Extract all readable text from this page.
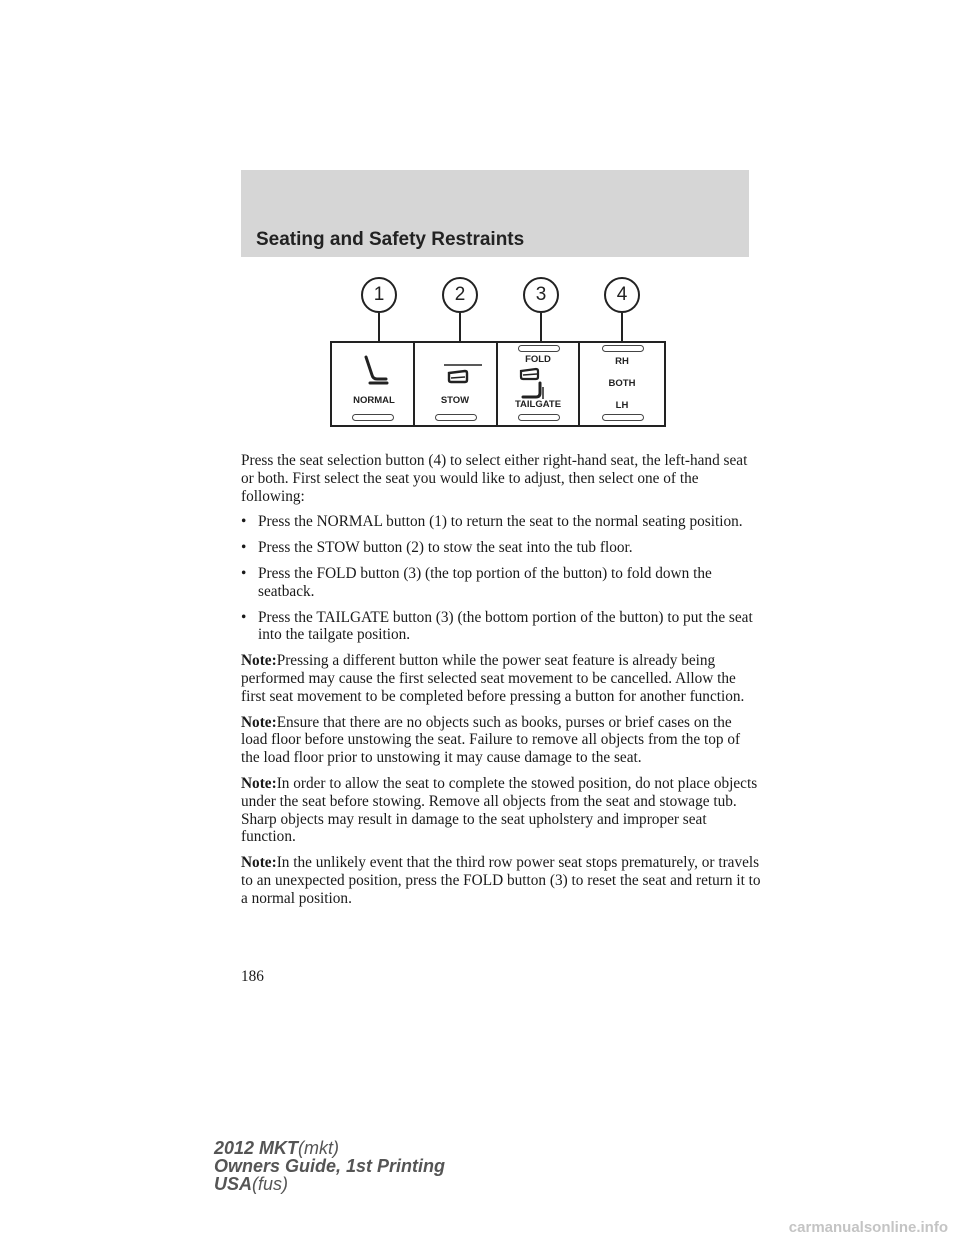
Seating and Safety Restraints
1	2	3	4
NORMAL	STOW
FOLD
TAILGATE
RH
BOTH
LH

Press the seat selection button (4) to select either right-hand seat, the left-hand seat or both. First select the seat you would like to adjust, then select one of the following:

• Press the NORMAL button (1) to return the seat to the normal seating position.
• Press the STOW button (2) to stow the seat into the tub floor.
• Press the FOLD button (3) (the top portion of the button) to fold down the seatback.
• Press the TAILGATE button (3) (the bottom portion of the button) to put the seat into the tailgate position.

Note:Pressing a different button while the power seat feature is already being performed may cause the first selected seat movement to be cancelled. Allow the first seat movement to be completed before pressing a button for another function.

Note:Ensure that there are no objects such as books, purses or brief cases on the load floor before unstowing the seat. Failure to remove all objects from the top of the load floor prior to unstowing it may cause damage to the seat.

Note:In order to allow the seat to complete the stowed position, do not place objects under the seat before stowing. Remove all objects from the seat and stowage tub. Sharp objects may result in damage to the seat upholstery and improper seat function.

Note:In the unlikely event that the third row power seat stops prematurely, or travels to an unexpected position, press the FOLD button (3) to reset the seat and return it to a normal position.

186
2012 MKT(mkt)
Owners Guide, 1st Printing
USA(fus)
carmanualsonline.info
